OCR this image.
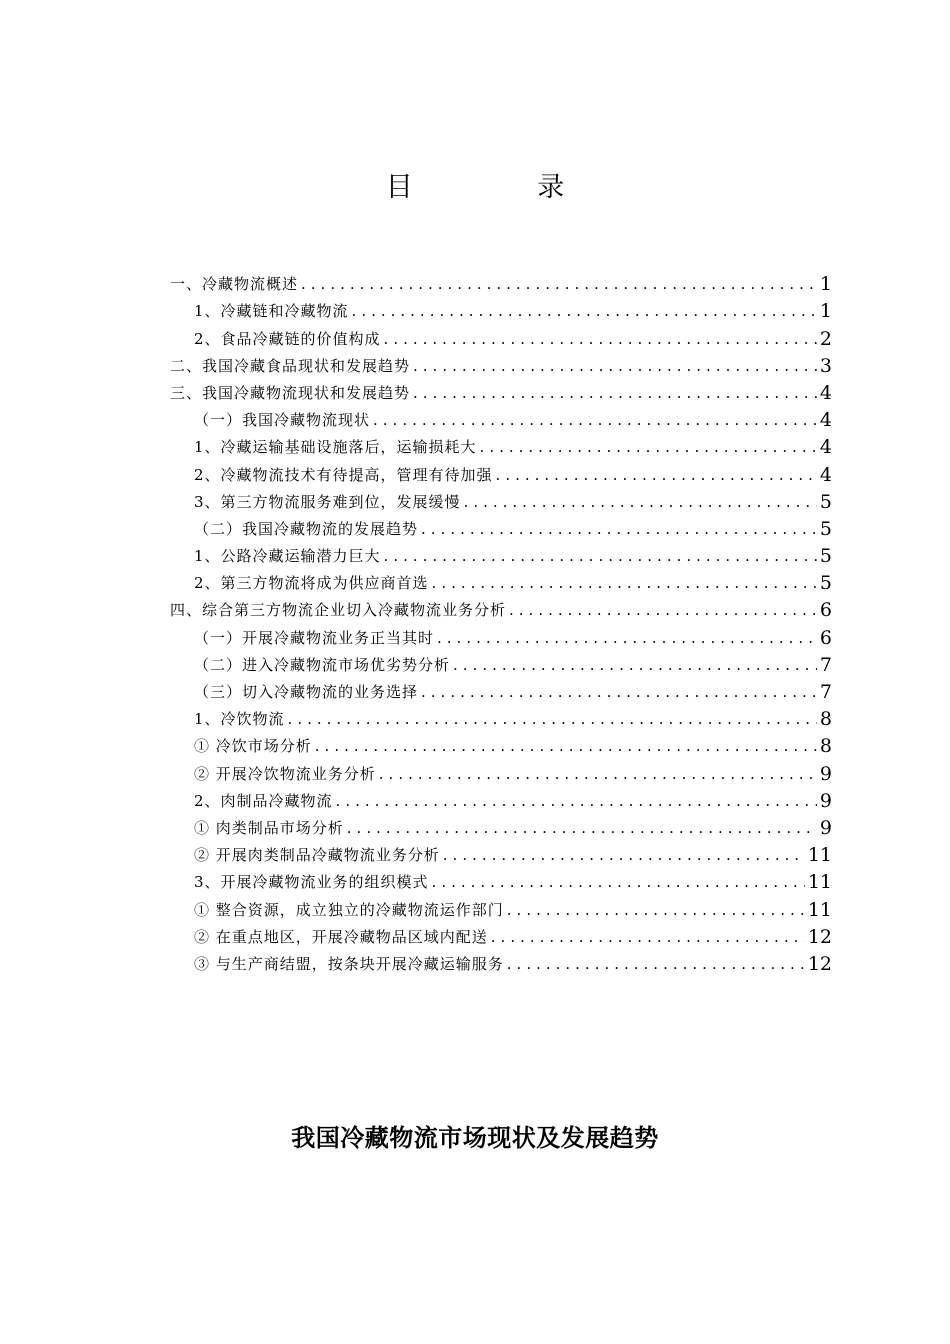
目 录
一、冷藏物流概述 .....	1
1、冷藏链和冷藏物流 .....	1
2、食品冷藏链的价值构成 .....	2
二、我国冷藏食品现状和发展趋势 .....	3
三、我国冷藏物流现状和发展趋势 .....	4
（一）我国冷藏物流现状 .....	4
1、冷藏运输基础设施落后，运输损耗大 .....	4
2、冷藏物流技术有待提高，管理有待加强 .....	4
3、第三方物流服务难到位，发展缓慢 .....	5
（二）我国冷藏物流的发展趋势 .....	5
1、公路冷藏运输潜力巨大 .....	5
2、第三方物流将成为供应商首选 .....	5
四、综合第三方物流企业切入冷藏物流业务分析 .....	6
（一）开展冷藏物流业务正当其时 .....	6
（二）进入冷藏物流市场优劣势分析 .....	7
（三）切入冷藏物流的业务选择 .....	7
1、冷饮物流 .....	8
① 冷饮市场分析 .....	8
② 开展冷饮物流业务分析 .....	9
2、肉制品冷藏物流 .....	9
① 肉类制品市场分析 .....	9
② 开展肉类制品冷藏物流业务分析 .....	11
3、开展冷藏物流业务的组织模式 .....	11
① 整合资源，成立独立的冷藏物流运作部门 .....	11
② 在重点地区，开展冷藏物品区域内配送 .....	12
③ 与生产商结盟，按条块开展冷藏运输服务 .....	12
我国冷藏物流市场现状及发展趋势
